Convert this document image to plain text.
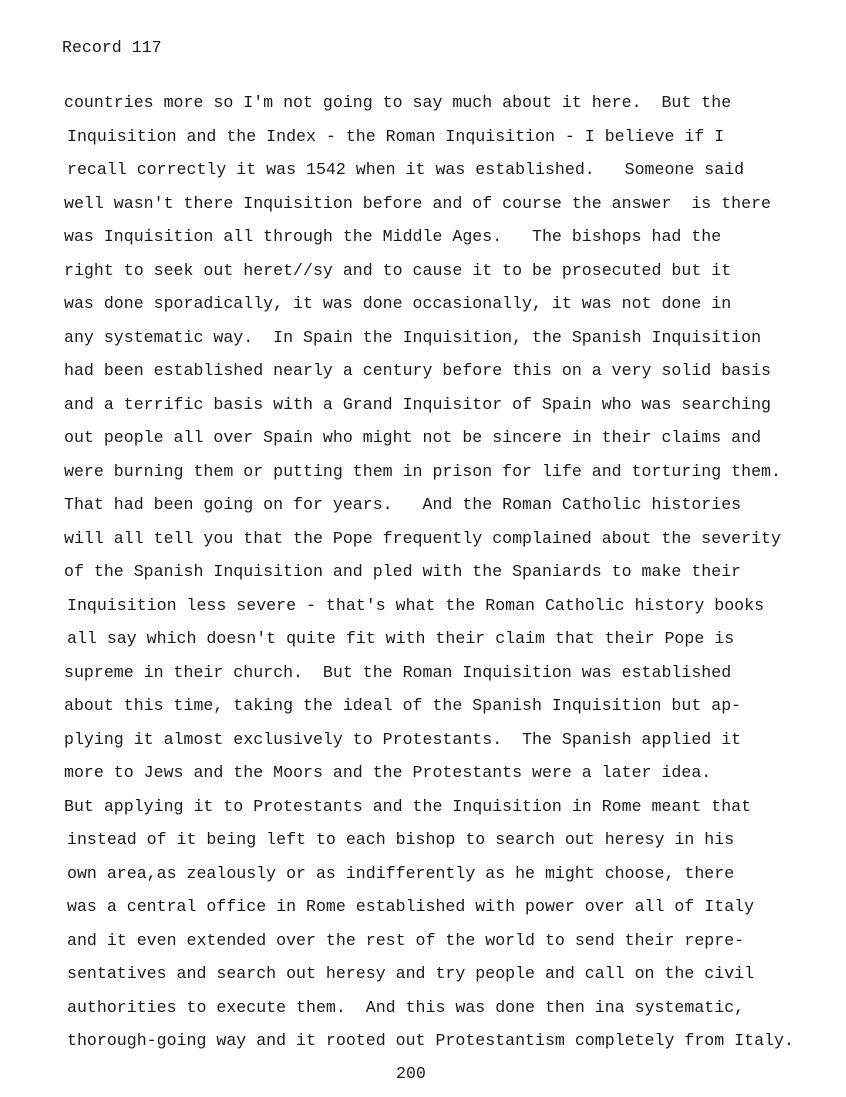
Record 117
countries more so I'm not going to say much about it here.  But the
Inquisition and the Index - the Roman Inquisition - I believe if I
recall correctly it was 1542 when it was established.   Someone said
well wasn't there Inquisition before and of course the answer  is there
was Inquisition all through the Middle Ages.   The bishops had the
right to seek out heret//sy and to cause it to be prosecuted but it
was done sporadically, it was done occasionally, it was not done in
any systematic way.  In Spain the Inquisition, the Spanish Inquisition
had been established nearly a century before this on a very solid basis
and a terrific basis with a Grand Inquisitor of Spain who was searching
out people all over Spain who might not be sincere in their claims and
were burning them or putting them in prison for life and torturing them.
That had been going on for years.   And the Roman Catholic histories
will all tell you that the Pope frequently complained about the severity
of the Spanish Inquisition and pled with the Spaniards to make their
Inquisition less severe - that's what the Roman Catholic history books
all say which doesn't quite fit with their claim that their Pope is
supreme in their church.  But the Roman Inquisition was established
about this time, taking the ideal of the Spanish Inquisition but ap-
plying it almost exclusively to Protestants.  The Spanish applied it
more to Jews and the Moors and the Protestants were a later idea.
But applying it to Protestants and the Inquisition in Rome meant that
instead of it being left to each bishop to search out heresy in his
own area,as zealously or as indifferently as he might choose, there
was a central office in Rome established with power over all of Italy
and it even extended over the rest of the world to send their repre-
sentatives and search out heresy and try people and call on the civil
authorities to execute them.  And this was done then ina systematic,
thorough-going way and it rooted out Protestantism completely from Italy.
200
